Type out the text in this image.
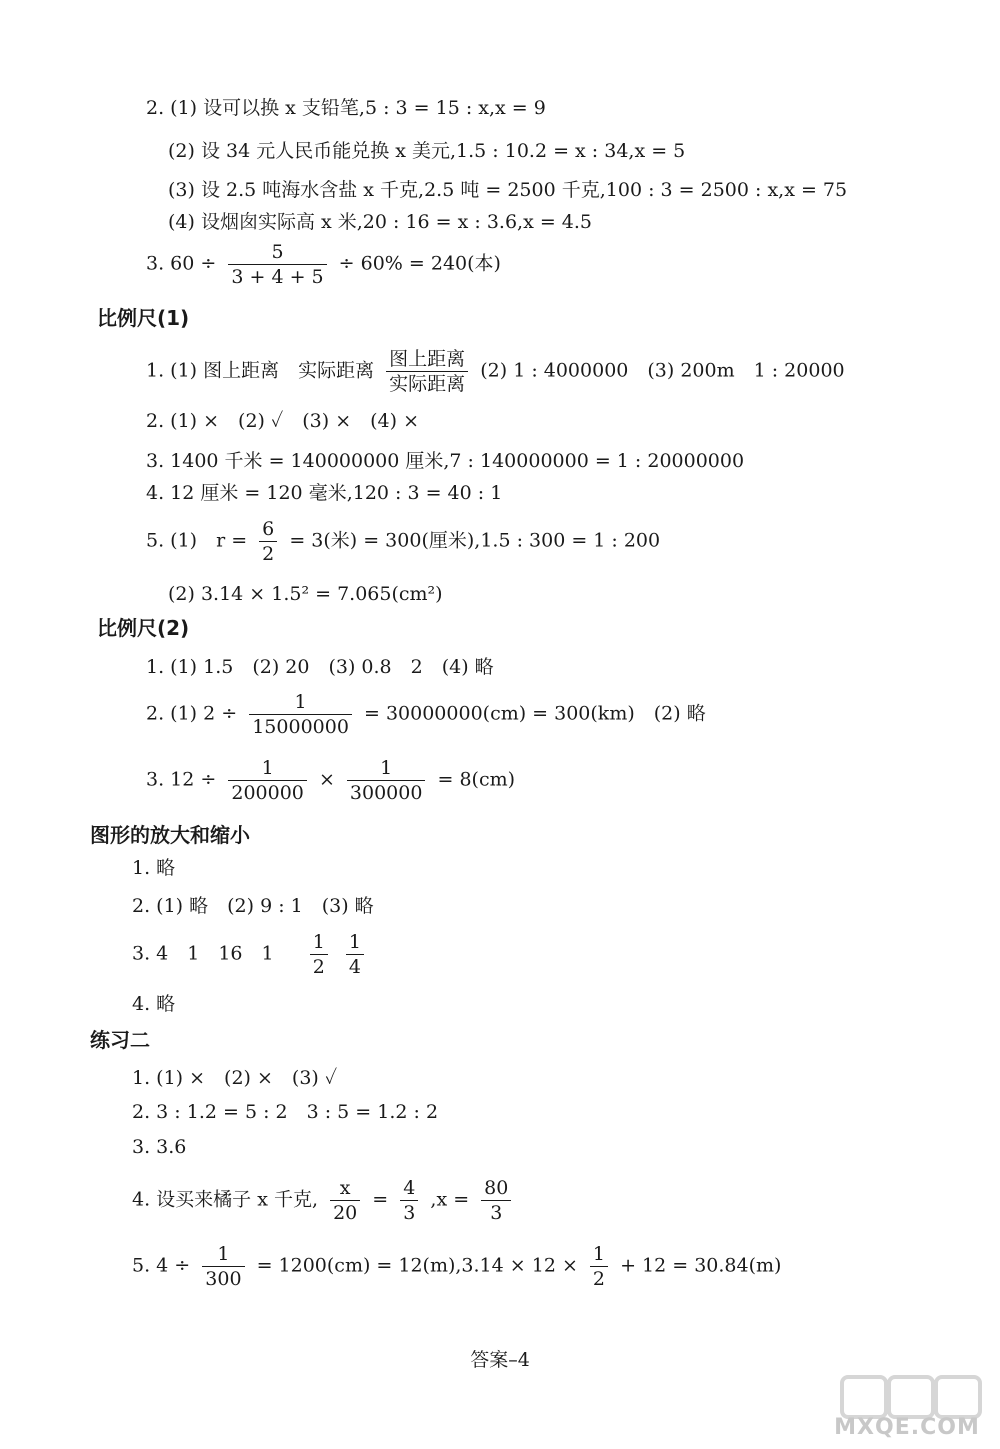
2. (1) 设可以换 x 支铅笔,5 : 3 = 15 : x,x = 9
(2) 设 34 元人民币能兑换 x 美元,1.5 : 10.2 = x : 34,x = 5
(3) 设 2.5 吨海水含盐 x 千克,2.5 吨 = 2500 千克,100 : 3 = 2500 : x,x = 75
(4) 设烟囱实际高 x 米,20 : 16 = x : 3.6,x = 4.5
3. $60 \div \frac{5}{3 + 4 + 5} \div 60\% = 240$(本)
比例尺(1)
1. (1) 图上距离　实际距离
图上距离
实际距离
(2) 1 : 4000000　(3) 200m　1 : 20000
2. (1) ×　(2) ✓　(3) ×　(4) ×
3. 1400 千米 = 140000000 厘米,7 : 140000000 = 1 : 20000000
4. 12 厘米 = 120 毫米,120 : 3 = 40 : 1
5. (1)　$r = \frac{6}{2} = 3$(米) = 300(厘米),1.5 : 300 = 1 : 200
(2) 3.14 × 1.5² = 7.065(cm²)
比例尺(2)
1. (1) 1.5　(2) 20　(3) 0.8　2　(4) 略
2. (1) $2 \div \frac{1}{15000000} = 30000000(cm) = 300(km)$　(2) 略
3. $12 \div \frac{1}{200000} \times \frac{1}{300000} = 8(cm)$
图形的放大和缩小
1. 略
2. (1) 略　(2) 9 : 1　(3) 略
3. 4　1　16　$1 \frac{1}{2}$
$\frac{1}{4}$
4. 略
练习二
1. (1) ×　(2) ×　(3) ✓
2. 3 : 1.2 = 5 : 2　3 : 5 = 1.2 : 2
3. 3.6
4. 设买来橘子 x 千克, $\frac{x}{20} = \frac{4}{3} ,x = \frac{80}{3}$
5. $4 \div \frac{1}{300} = 1200(cm) = 12(m),3.14 \times 12 \times \frac{1}{2} + 12 = 30.84(m)$
答案–4
MXQE.COM
